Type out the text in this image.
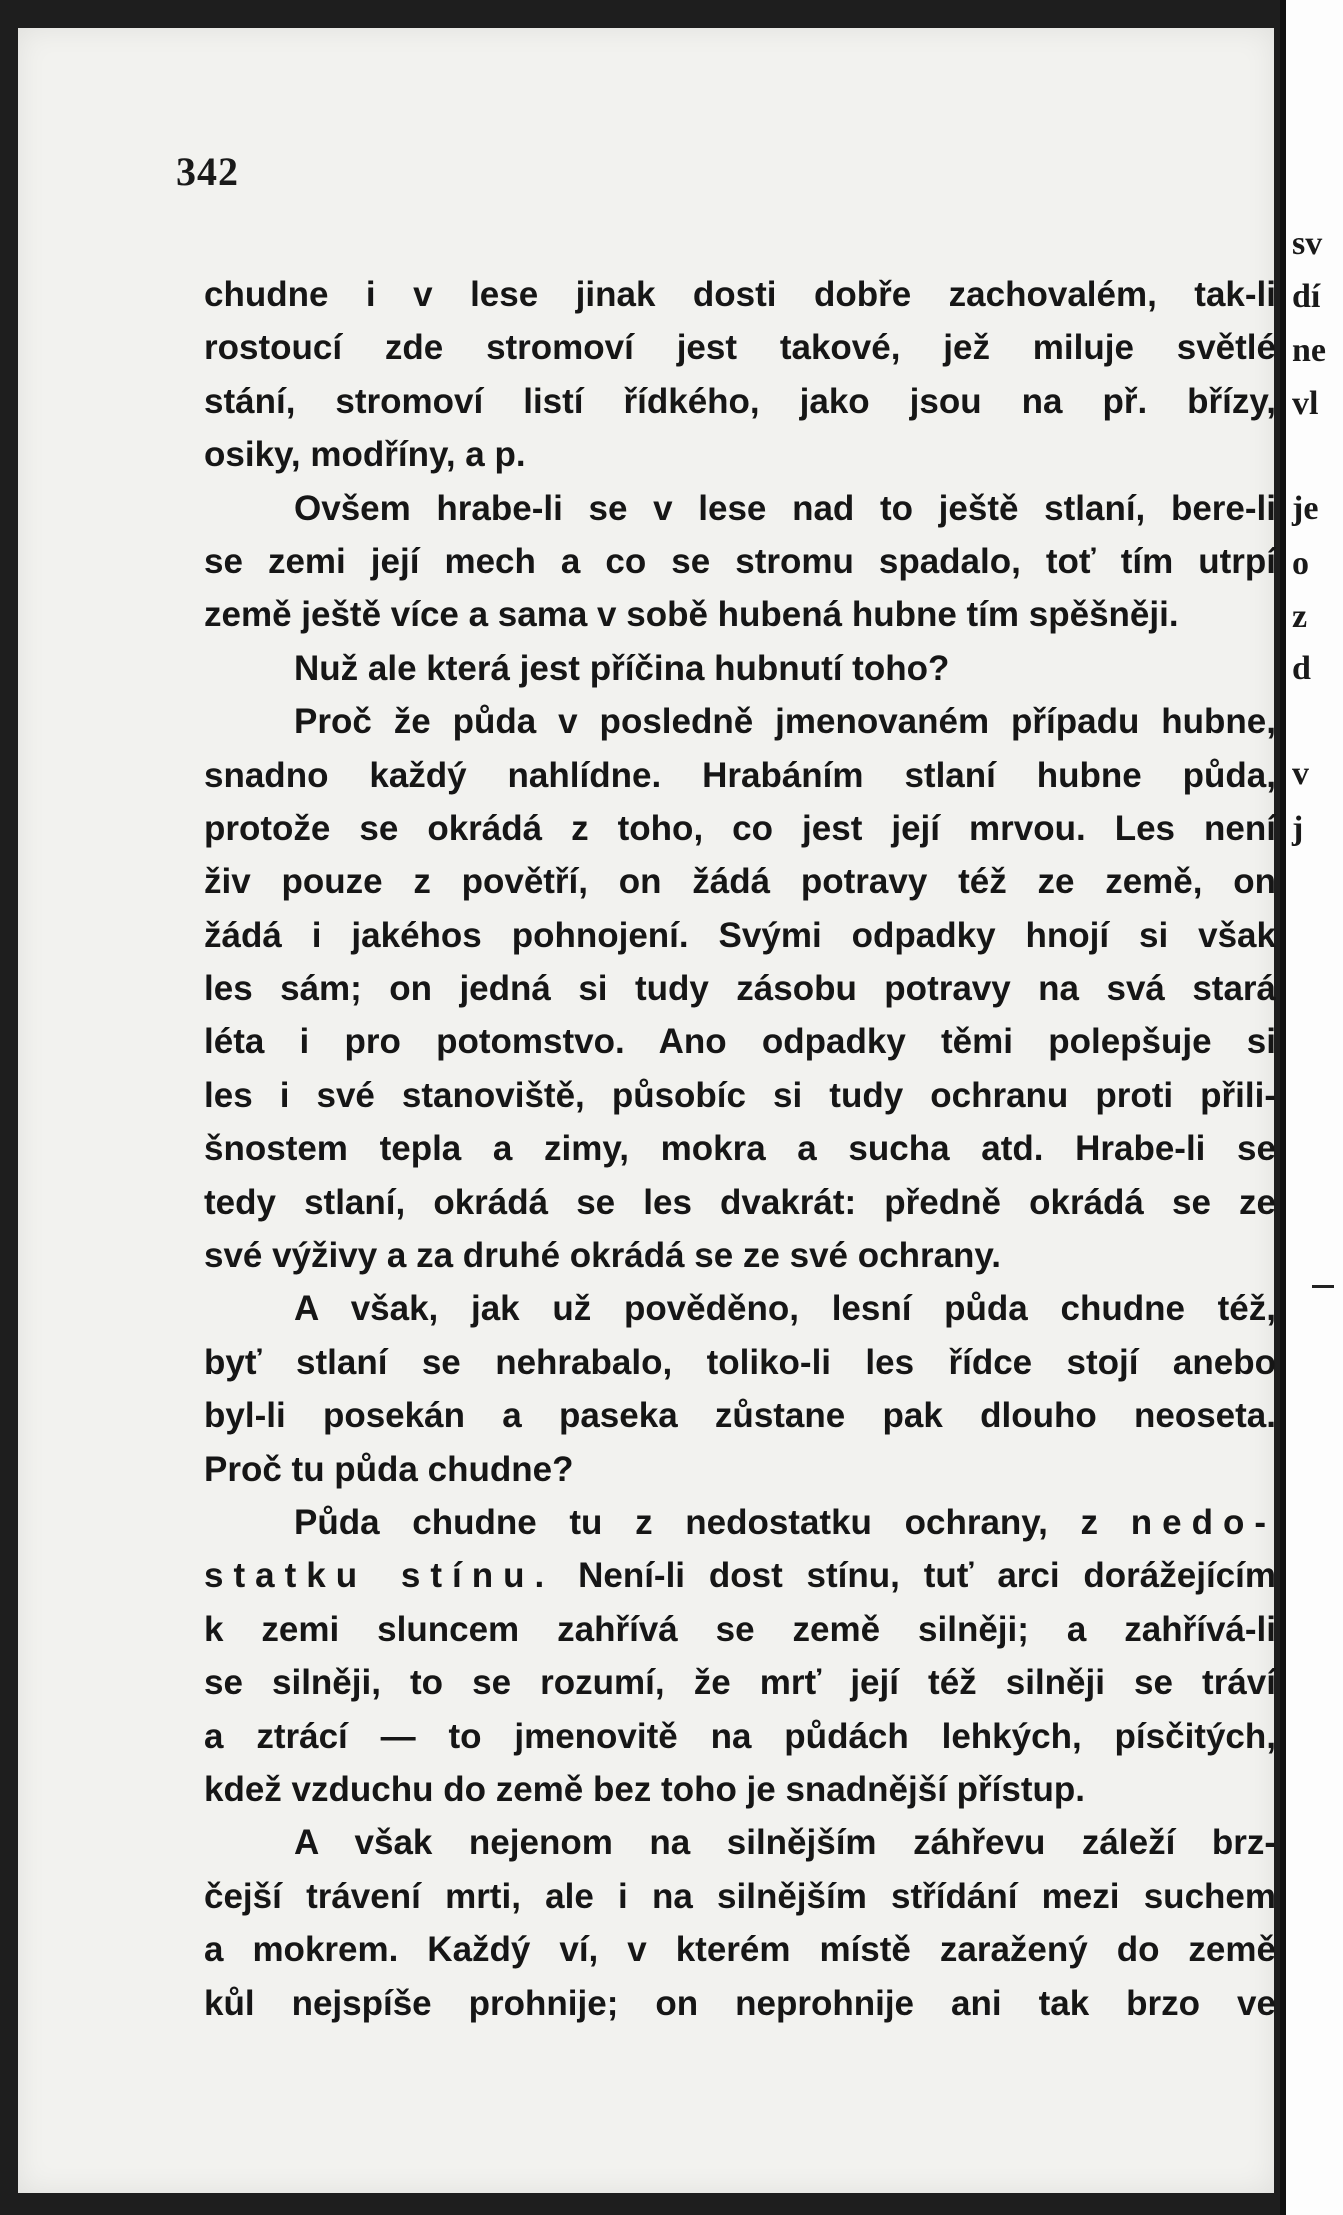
342
chudne i v lese jinak dosti dobře zachovalém, tak-li
rostoucí zde stromoví jest takové, jež miluje světlé
stání, stromoví listí řídkého, jako jsou na př. břízy,
osiky, modříny, a p.
Ovšem hrabe-li se v lese nad to ještě stlaní, bere-li
se zemi její mech a co se stromu spadalo, toť tím utrpí
země ještě více a sama v sobě hubená hubne tím spěšněji.
Nuž ale která jest příčina hubnutí toho?
Proč že půda v posledně jmenovaném případu hubne,
snadno každý nahlídne. Hrabáním stlaní hubne půda,
protože se okrádá z toho, co jest její mrvou. Les není
živ pouze z povětří, on žádá potravy též ze země, on
žádá i jakéhos pohnojení. Svými odpadky hnojí si však
les sám; on jedná si tudy zásobu potravy na svá stará
léta i pro potomstvo. Ano odpadky těmi polepšuje si
les i své stanoviště, působíc si tudy ochranu proti přili-
šnostem tepla a zimy, mokra a sucha atd. Hrabe-li se
tedy stlaní, okrádá se les dvakrát: předně okrádá se ze
své výživy a za druhé okrádá se ze své ochrany.
A však, jak už pověděno, lesní půda chudne též,
byť stlaní se nehrabalo, toliko-li les řídce stojí anebo
byl-li posekán a paseka zůstane pak dlouho neoseta.
Proč tu půda chudne?
Půda chudne tu z nedostatku ochrany, z nedo-
statku stínu. Není-li dost stínu, tuť arci dorážejícím
k zemi sluncem zahřívá se země silněji; a zahřívá-li
se silněji, to se rozumí, že mrť její též silněji se tráví
a ztrácí — to jmenovitě na půdách lehkých, písčitých,
kdež vzduchu do země bez toho je snadnější přístup.
A však nejenom na silnějším záhřevu záleží brz-
čejší trávení mrti, ale i na silnějším střídání mezi suchem
a mokrem. Každý ví, v kterém místě zaražený do země
kůl nejspíše prohnije; on neprohnije ani tak brzo ve
sv
dí
ne
vl
je
o
z
d
v
j
